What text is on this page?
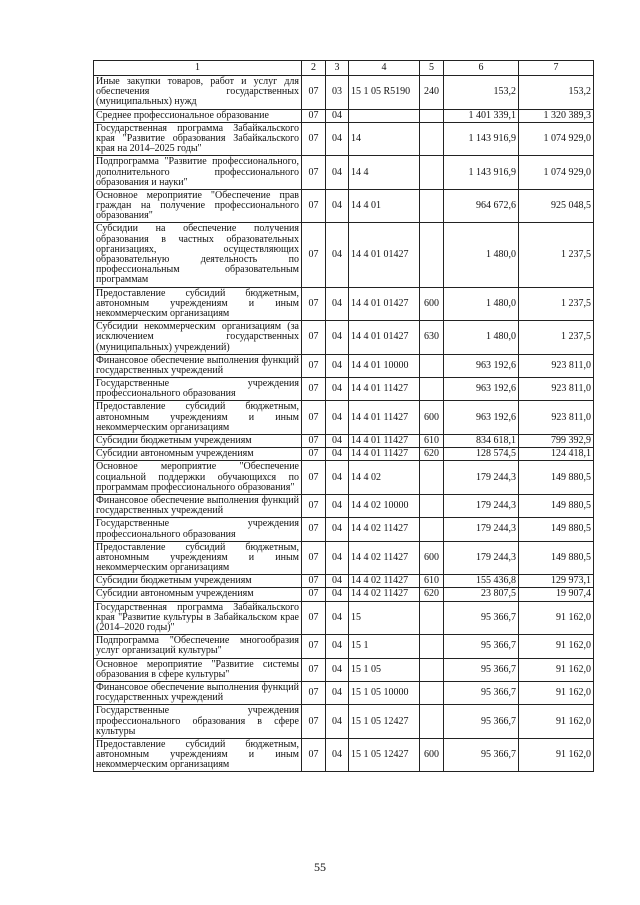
1	2	3	4	5	6	7
Иные закупки товаров, работ и услуг для обеспечения государственных (муниципальных) нужд	07	03	15 1 05 R5190	240	153,2	153,2
Среднее профессиональное образование	07	04			1 401 339,1	1 320 389,3
Государственная программа Забайкальского края "Развитие образования Забайкальского края на 2014–2025 годы"	07	04	14		1 143 916,9	1 074 929,0
Подпрограмма "Развитие профессионального, дополнительного профессионального образования и науки"	07	04	14 4		1 143 916,9	1 074 929,0
Основное мероприятие "Обеспечение прав граждан на получение профессионального образования"	07	04	14 4 01		964 672,6	925 048,5
Субсидии на обеспечение получения образования в частных образовательных организациях, осуществляющих образовательную деятельность по профессиональным образовательным программам	07	04	14 4 01 01427		1 480,0	1 237,5
Предоставление субсидий бюджетным, автономным учреждениям и иным некоммерческим организациям	07	04	14 4 01 01427	600	1 480,0	1 237,5
Субсидии некоммерческим организациям (за исключением государственных (муниципальных) учреждений)	07	04	14 4 01 01427	630	1 480,0	1 237,5
Финансовое обеспечение выполнения функций государственных учреждений	07	04	14 4 01 10000		963 192,6	923 811,0
Государственные учреждения профессионального образования	07	04	14 4 01 11427		963 192,6	923 811,0
Предоставление субсидий бюджетным, автономным учреждениям и иным некоммерческим организациям	07	04	14 4 01 11427	600	963 192,6	923 811,0
Субсидии бюджетным учреждениям	07	04	14 4 01 11427	610	834 618,1	799 392,9
Субсидии автономным учреждениям	07	04	14 4 01 11427	620	128 574,5	124 418,1
Основное мероприятие "Обеспечение социальной поддержки обучающихся по программам профессионального образования"	07	04	14 4 02		179 244,3	149 880,5
Финансовое обеспечение выполнения функций государственных учреждений	07	04	14 4 02 10000		179 244,3	149 880,5
Государственные учреждения профессионального образования	07	04	14 4 02 11427		179 244,3	149 880,5
Предоставление субсидий бюджетным, автономным учреждениям и иным некоммерческим организациям	07	04	14 4 02 11427	600	179 244,3	149 880,5
Субсидии бюджетным учреждениям	07	04	14 4 02 11427	610	155 436,8	129 973,1
Субсидии автономным учреждениям	07	04	14 4 02 11427	620	23 807,5	19 907,4
Государственная программа Забайкальского края "Развитие культуры в Забайкальском крае (2014–2020 годы)"	07	04	15		95 366,7	91 162,0
Подпрограмма "Обеспечение многообразия услуг организаций культуры"	07	04	15 1		95 366,7	91 162,0
Основное мероприятие "Развитие системы образования в сфере культуры"	07	04	15 1 05		95 366,7	91 162,0
Финансовое обеспечение выполнения функций государственных учреждений	07	04	15 1 05 10000		95 366,7	91 162,0
Государственные учреждения профессионального образования в сфере культуры	07	04	15 1 05 12427		95 366,7	91 162,0
Предоставление субсидий бюджетным, автономным учреждениям и иным некоммерческим организациям	07	04	15 1 05 12427	600	95 366,7	91 162,0
55
